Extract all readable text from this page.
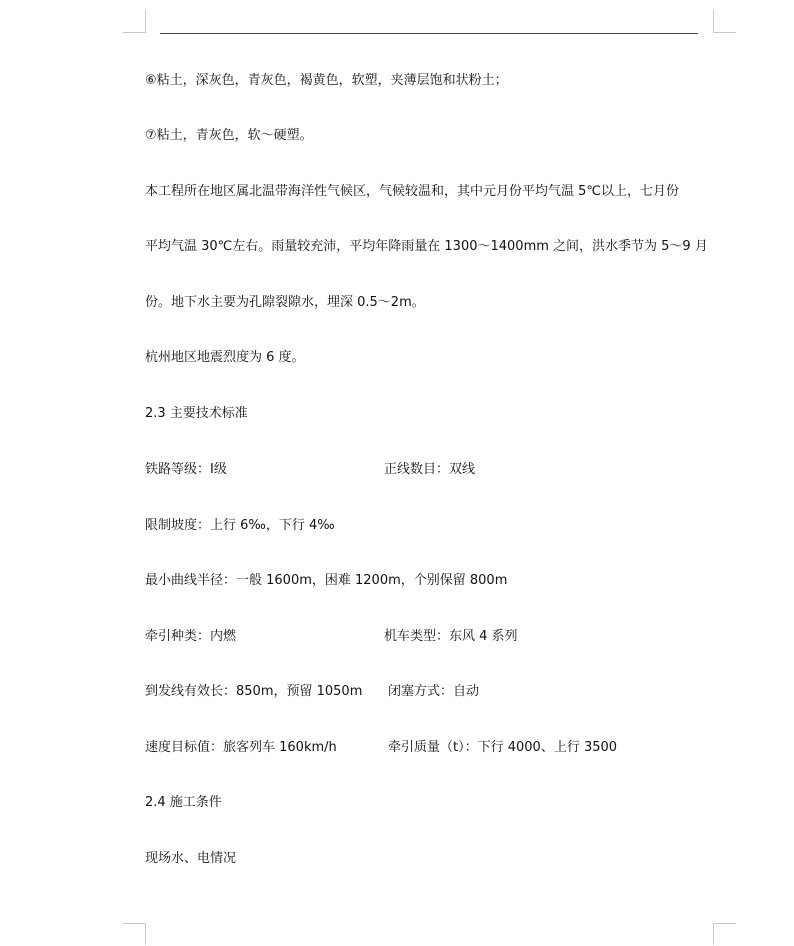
⑥粘土，深灰色，青灰色，褐黄色，软塑，夹薄层饱和状粉土；
⑦粘土，青灰色，软～硬塑。
本工程所在地区属北温带海洋性气候区，气候较温和，其中元月份平均气温 5℃以上，七月份
平均气温 30℃左右。雨量较充沛，平均年降雨量在 1300～1400mm 之间，洪水季节为 5～9 月
份。地下水主要为孔隙裂隙水，埋深 0.5～2m。
杭州地区地震烈度为 6 度。
2.3 主要技术标准
铁路等级：Ⅰ级	正线数目：双线
限制坡度：上行 6‰，下行 4‰
最小曲线半径：一般 1600m，困难 1200m，个别保留 800m
牵引种类：内燃	机车类型：东风 4 系列
到发线有效长：850m，预留 1050m 闭塞方式：自动
速度目标值：旅客列车 160km/h	牵引质量（t）：下行 4000、上行 3500
2.4 施工条件
现场水、电情况
